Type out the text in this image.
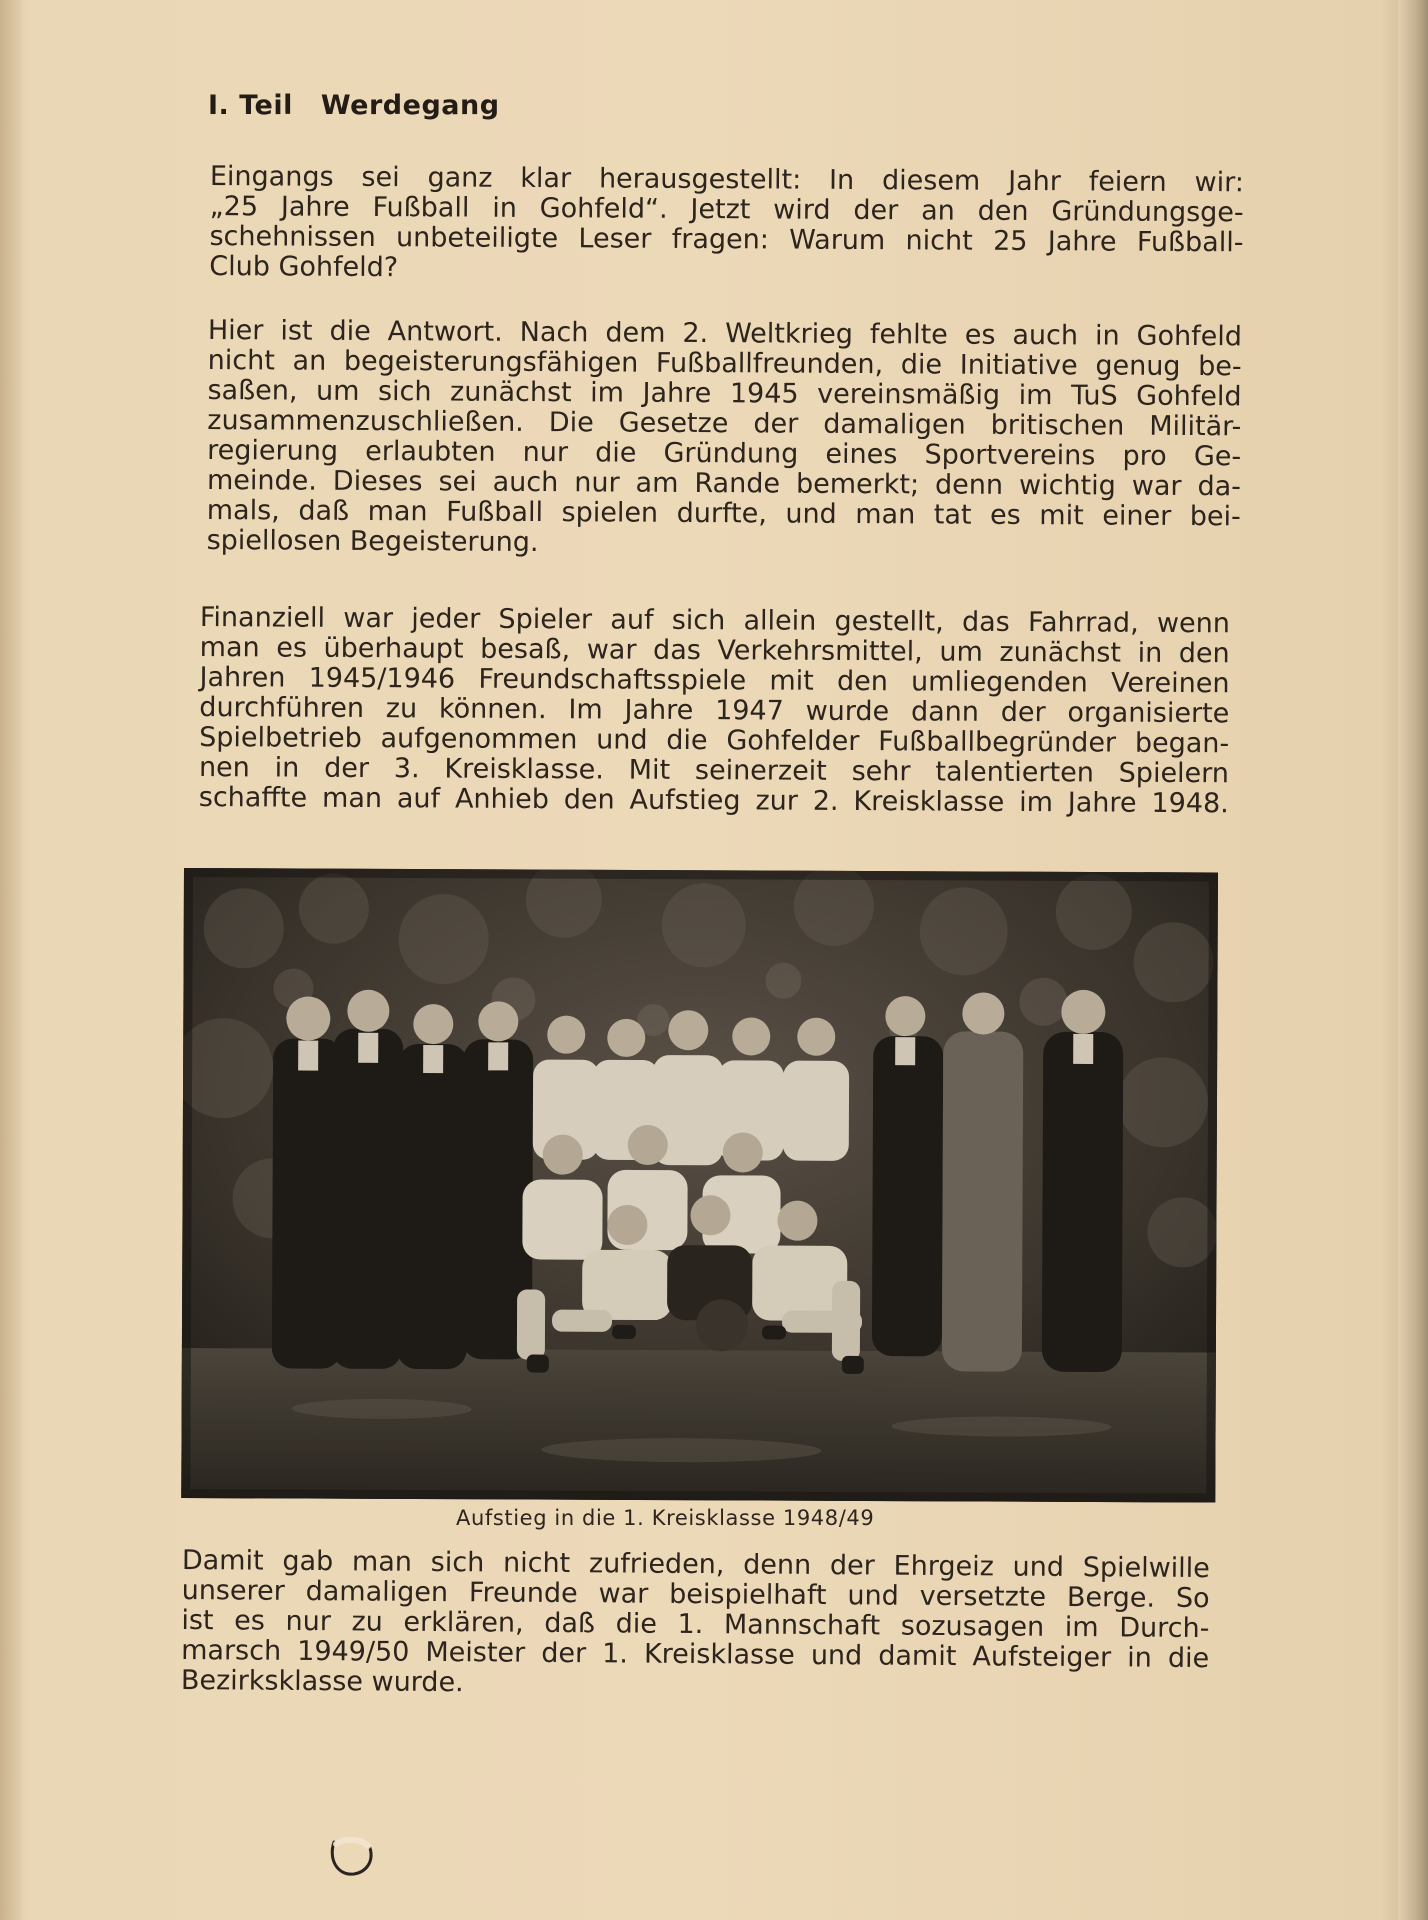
I. Teil Werdegang
Eingangs sei ganz klar herausgestellt: In diesem Jahr feiern wir:
„25 Jahre Fußball in Gohfeld“. Jetzt wird der an den Gründungsge-
schehnissen unbeteiligte Leser fragen: Warum nicht 25 Jahre Fußball-
Club Gohfeld?
Hier ist die Antwort. Nach dem 2. Weltkrieg fehlte es auch in Gohfeld
nicht an begeisterungsfähigen Fußballfreunden, die Initiative genug be-
saßen, um sich zunächst im Jahre 1945 vereinsmäßig im TuS Gohfeld
zusammenzuschließen. Die Gesetze der damaligen britischen Militär-
regierung erlaubten nur die Gründung eines Sportvereins pro Ge-
meinde. Dieses sei auch nur am Rande bemerkt; denn wichtig war da-
mals, daß man Fußball spielen durfte, und man tat es mit einer bei-
spiellosen Begeisterung.
Finanziell war jeder Spieler auf sich allein gestellt, das Fahrrad, wenn
man es überhaupt besaß, war das Verkehrsmittel, um zunächst in den
Jahren 1945/1946 Freundschaftsspiele mit den umliegenden Vereinen
durchführen zu können. Im Jahre 1947 wurde dann der organisierte
Spielbetrieb aufgenommen und die Gohfelder Fußballbegründer began-
nen in der 3. Kreisklasse. Mit seinerzeit sehr talentierten Spielern
schaffte man auf Anhieb den Aufstieg zur 2. Kreisklasse im Jahre 1948.
Aufstieg in die 1. Kreisklasse 1948/49
Damit gab man sich nicht zufrieden, denn der Ehrgeiz und Spielwille
unserer damaligen Freunde war beispielhaft und versetzte Berge. So
ist es nur zu erklären, daß die 1. Mannschaft sozusagen im Durch-
marsch 1949/50 Meister der 1. Kreisklasse und damit Aufsteiger in die
Bezirksklasse wurde.
